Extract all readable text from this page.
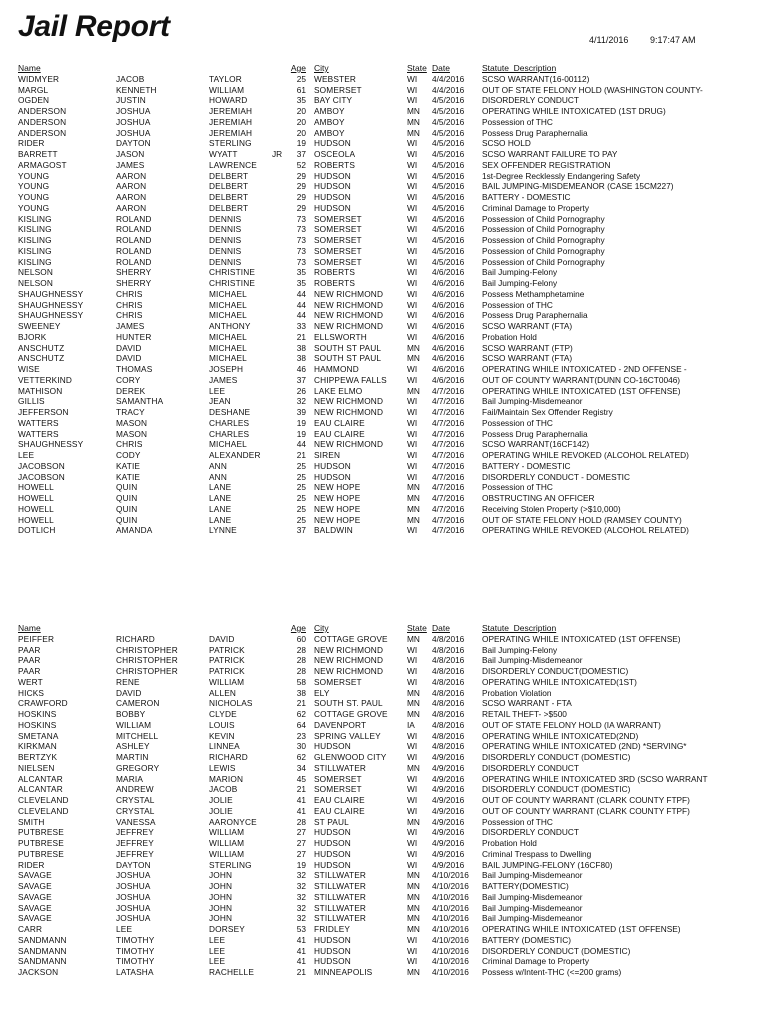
Jail Report	4/11/2016 9:17:47 AM
Name	Age City	State Date	Statute_Description
WIDMYER	JACOB	TAYLOR	25 WEBSTER	WI 4/4/2016 SCSO WARRANT(16-00112)
MARGL	KENNETH	WILLIAM	61 SOMERSET	WI 4/4/2016 OUT OF STATE FELONY HOLD (WASHINGTON COUNTY-
OGDEN	JUSTIN	HOWARD	35 BAY CITY	WI 4/5/2016 DISORDERLY CONDUCT
ANDERSON	JOSHUA	JEREMIAH	20 AMBOY	MN 4/5/2016 OPERATING WHILE INTOXICATED (1ST DRUG)
ANDERSON	JOSHUA	JEREMIAH	20 AMBOY	MN 4/5/2016 Possession of THC
ANDERSON	JOSHUA	JEREMIAH	20 AMBOY	MN 4/5/2016 Possess Drug Paraphernalia
RIDER	DAYTON	STERLING	19 HUDSON	WI 4/5/2016 SCSO HOLD
BARRETT	JASON	WYATT	JR	37 OSCEOLA	WI 4/5/2016 SCSO WARRANT FAILURE TO PAY
ARMAGOST	JAMES	LAWRENCE	52 ROBERTS	WI 4/5/2016 SEX OFFENDER REGISTRATION
YOUNG	AARON	DELBERT	29 HUDSON	WI 4/5/2016 1st-Degree Recklessly Endangering Safety
YOUNG	AARON	DELBERT	29 HUDSON	WI 4/5/2016 BAIL JUMPING-MISDEMEANOR (CASE 15CM227)
YOUNG	AARON	DELBERT	29 HUDSON	WI 4/5/2016 BATTERY - DOMESTIC
YOUNG	AARON	DELBERT	29 HUDSON	WI 4/5/2016 Criminal Damage to Property
KISLING	ROLAND	DENNIS	73 SOMERSET	WI 4/5/2016 Possession of Child Pornography
KISLING	ROLAND	DENNIS	73 SOMERSET	WI 4/5/2016 Possession of Child Pornography
KISLING	ROLAND	DENNIS	73 SOMERSET	WI 4/5/2016 Possession of Child Pornography
KISLING	ROLAND	DENNIS	73 SOMERSET	WI 4/5/2016 Possession of Child Pornography
KISLING	ROLAND	DENNIS	73 SOMERSET	WI 4/5/2016 Possession of Child Pornography
NELSON	SHERRY	CHRISTINE	35 ROBERTS	WI 4/6/2016 Bail Jumping-Felony
NELSON	SHERRY	CHRISTINE	35 ROBERTS	WI 4/6/2016 Bail Jumping-Felony
SHAUGHNESSY	CHRIS	MICHAEL	44 NEW RICHMOND	WI 4/6/2016 Possess Methamphetamine
SHAUGHNESSY	CHRIS	MICHAEL	44 NEW RICHMOND	WI 4/6/2016 Possession of THC
SHAUGHNESSY	CHRIS	MICHAEL	44 NEW RICHMOND	WI 4/6/2016 Possess Drug Paraphernalia
SWEENEY	JAMES	ANTHONY	33 NEW RICHMOND	WI 4/6/2016 SCSO WARRANT (FTA)
BJORK	HUNTER	MICHAEL	21 ELLSWORTH	WI 4/6/2016 Probation Hold
ANSCHUTZ	DAVID	MICHAEL	38 SOUTH ST PAUL	MN 4/6/2016 SCSO WARRANT (FTP)
ANSCHUTZ	DAVID	MICHAEL	38 SOUTH ST PAUL	MN 4/6/2016 SCSO WARRANT (FTA)
WISE	THOMAS	JOSEPH	46 HAMMOND	WI 4/6/2016 OPERATING WHILE INTOXICATED - 2ND OFFENSE -
VETTERKIND	CORY	JAMES	37 CHIPPEWA FALLS WI 4/6/2016 OUT OF COUNTY WARRANT(DUNN CO-16CT0046)
MATHISON	DEREK	LEE	26 LAKE ELMO	MN 4/7/2016 OPERATING WHILE INTOXICATED (1ST OFFENSE)
GILLIS	SAMANTHA	JEAN	32 NEW RICHMOND	WI 4/7/2016 Bail Jumping-Misdemeanor
JEFFERSON	TRACY	DESHANE	39 NEW RICHMOND	WI 4/7/2016 Fail/Maintain Sex Offender Registry
WATTERS	MASON	CHARLES	19 EAU CLAIRE	WI 4/7/2016 Possession of THC
WATTERS	MASON	CHARLES	19 EAU CLAIRE	WI 4/7/2016 Possess Drug Paraphernalia
SHAUGHNESSY	CHRIS	MICHAEL	44 NEW RICHMOND	WI 4/7/2016 SCSO WARRANT(16CF142)
LEE	CODY	ALEXANDER	21 SIREN	WI 4/7/2016 OPERATING WHILE REVOKED (ALCOHOL RELATED)
JACOBSON	KATIE	ANN	25 HUDSON	WI 4/7/2016 BATTERY - DOMESTIC
JACOBSON	KATIE	ANN	25 HUDSON	WI 4/7/2016 DISORDERLY CONDUCT - DOMESTIC
HOWELL	QUIN	LANE	25 NEW HOPE	MN 4/7/2016 Possession of THC
HOWELL	QUIN	LANE	25 NEW HOPE	MN 4/7/2016 OBSTRUCTING AN OFFICER
HOWELL	QUIN	LANE	25 NEW HOPE	MN 4/7/2016 Receiving Stolen Property (>$10,000)
HOWELL	QUIN	LANE	25 NEW HOPE	MN 4/7/2016 OUT OF STATE FELONY HOLD (RAMSEY COUNTY)
DOTLICH	AMANDA	LYNNE	37 BALDWIN	WI 4/7/2016 OPERATING WHILE REVOKED (ALCOHOL RELATED)
Name	Age City	State Date	Statute_Description
PEIFFER	RICHARD	DAVID	60 COTTAGE GROVE MN 4/8/2016 OPERATING WHILE INTOXICATED (1ST OFFENSE)
PAAR	CHRISTOPHER	PATRICK	28 NEW RICHMOND	WI 4/8/2016 Bail Jumping-Felony
PAAR	CHRISTOPHER	PATRICK	28 NEW RICHMOND	WI 4/8/2016 Bail Jumping-Misdemeanor
PAAR	CHRISTOPHER	PATRICK	28 NEW RICHMOND	WI 4/8/2016 DISORDERLY CONDUCT(DOMESTIC)
WERT	RENE	WILLIAM	58 SOMERSET	WI 4/8/2016 OPERATING WHILE INTOXICATED(1ST)
HICKS	DAVID	ALLEN	38 ELY	MN 4/8/2016 Probation Violation
CRAWFORD	CAMERON	NICHOLAS	21 SOUTH ST. PAUL	MN 4/8/2016 SCSO WARRANT - FTA
HOSKINS	BOBBY	CLYDE	62 COTTAGE GROVE MN 4/8/2016 RETAIL THEFT- >$500
HOSKINS	WILLIAM	LOUIS	64 DAVENPORT	IA 4/8/2016 OUT OF STATE FELONY HOLD (IA WARRANT)
SMETANA	MITCHELL	KEVIN	23 SPRING VALLEY	WI 4/8/2016 OPERATING WHILE INTOXICATED(2ND)
KIRKMAN	ASHLEY	LINNEA	30 HUDSON	WI 4/8/2016 OPERATING WHILE INTOXICATED (2ND) *SERVING*
BERTZYK	MARTIN	RICHARD	62 GLENWOOD CITY WI 4/9/2016 DISORDERLY CONDUCT (DOMESTIC)
NIELSEN	GREGORY	LEWIS	34 STILLWATER	MN 4/9/2016 DISORDERLY CONDUCT
ALCANTAR	MARIA	MARION	45 SOMERSET	WI 4/9/2016 OPERATING WHILE INTOXICATED 3RD (SCSO WARRANT
ALCANTAR	ANDREW	JACOB	21 SOMERSET	WI 4/9/2016 DISORDERLY CONDUCT (DOMESTIC)
CLEVELAND	CRYSTAL	JOLIE	41 EAU CLAIRE	WI 4/9/2016 OUT OF COUNTY WARRANT (CLARK COUNTY FTPF)
CLEVELAND	CRYSTAL	JOLIE	41 EAU CLAIRE	WI 4/9/2016 OUT OF COUNTY WARRANT (CLARK COUNTY FTPF)
SMITH	VANESSA	AARONYCE	28 ST PAUL	MN 4/9/2016 Possession of THC
PUTBRESE	JEFFREY	WILLIAM	27 HUDSON	WI 4/9/2016 DISORDERLY CONDUCT
PUTBRESE	JEFFREY	WILLIAM	27 HUDSON	WI 4/9/2016 Probation Hold
PUTBRESE	JEFFREY	WILLIAM	27 HUDSON	WI 4/9/2016 Criminal Trespass to Dwelling
RIDER	DAYTON	STERLING	19 HUDSON	WI 4/9/2016 BAIL JUMPING-FELONY (16CF80)
SAVAGE	JOSHUA	JOHN	32 STILLWATER	MN 4/10/2016 Bail Jumping-Misdemeanor
SAVAGE	JOSHUA	JOHN	32 STILLWATER	MN 4/10/2016 BATTERY(DOMESTIC)
SAVAGE	JOSHUA	JOHN	32 STILLWATER	MN 4/10/2016 Bail Jumping-Misdemeanor
SAVAGE	JOSHUA	JOHN	32 STILLWATER	MN 4/10/2016 Bail Jumping-Misdemeanor
SAVAGE	JOSHUA	JOHN	32 STILLWATER	MN 4/10/2016 Bail Jumping-Misdemeanor
CARR	LEE	DORSEY	53 FRIDLEY	MN 4/10/2016 OPERATING WHILE INTOXICATED (1ST OFFENSE)
SANDMANN	TIMOTHY	LEE	41 HUDSON	WI 4/10/2016 BATTERY (DOMESTIC)
SANDMANN	TIMOTHY	LEE	41 HUDSON	WI 4/10/2016 DISORDERLY CONDUCT (DOMESTIC)
SANDMANN	TIMOTHY	LEE	41 HUDSON	WI 4/10/2016 Criminal Damage to Property
JACKSON	LATASHA	RACHELLE	21 MINNEAPOLIS	MN 4/10/2016 Possess w/Intent-THC (<=200 grams)
